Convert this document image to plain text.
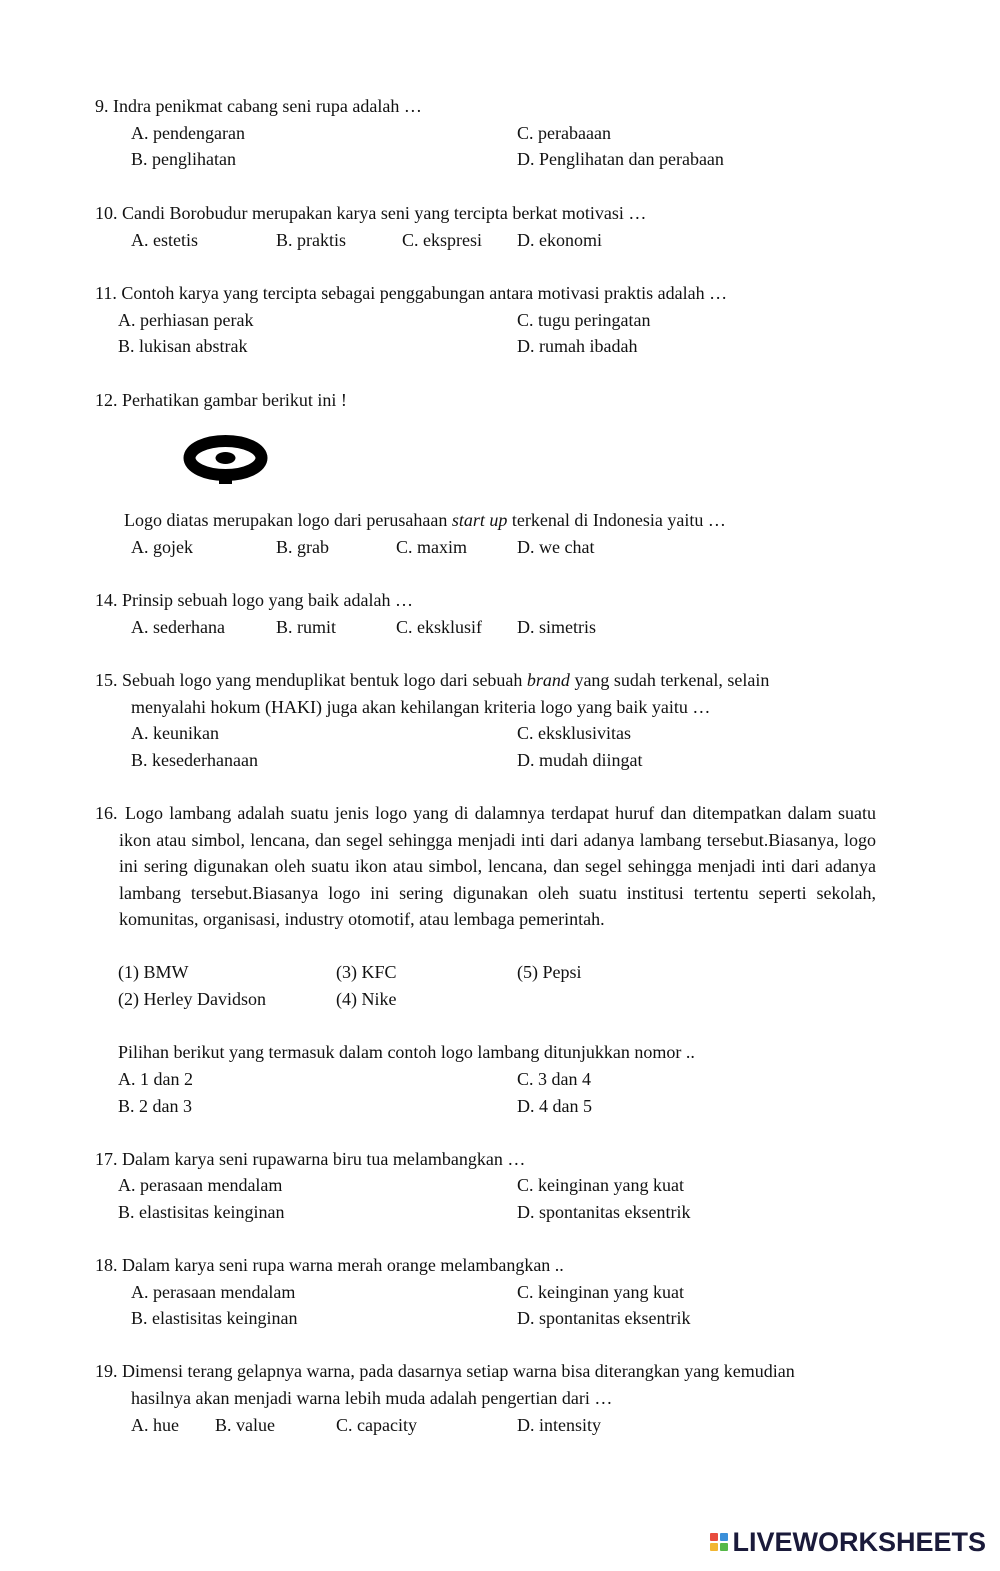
9. Indra penikmat cabang seni rupa adalah …
A. pendengaran	C. perabaaan
B. penglihatan	D. Penglihatan dan perabaan
10. Candi Borobudur merupakan karya seni yang tercipta berkat motivasi …
A. estetis	B. praktis	C. ekspresi D. ekonomi
11. Contoh karya yang tercipta sebagai penggabungan antara motivasi praktis adalah …
A. perhiasan perak	C. tugu peringatan
B. lukisan abstrak	D. rumah ibadah
12. Perhatikan gambar berikut ini !
Logo diatas merupakan logo dari perusahaan start up terkenal di Indonesia yaitu …
A. gojek	B. grab	C. maxim	D. we chat
14. Prinsip sebuah logo yang baik adalah …
A. sederhana	B. rumit	C. eksklusif D. simetris
15. Sebuah logo yang menduplikat bentuk logo dari sebuah brand yang sudah terkenal, selain
menyalahi hokum (HAKI) juga akan kehilangan kriteria logo yang baik yaitu …
A. keunikan	C. eksklusivitas
B. kesederhanaan	D. mudah diingat
16. Logo lambang adalah suatu jenis logo yang di dalamnya terdapat huruf dan ditempatkan dalam suatu ikon atau simbol, lencana, dan segel sehingga menjadi inti dari adanya lambang tersebut.Biasanya, logo ini sering digunakan oleh suatu ikon atau simbol, lencana, dan segel sehingga menjadi inti dari adanya lambang tersebut.Biasanya logo ini sering digunakan oleh suatu institusi tertentu seperti sekolah, komunitas, organisasi, industry otomotif, atau lembaga pemerintah.
(1) BMW	(3) KFC	(5) Pepsi
(2) Herley Davidson	(4) Nike
Pilihan berikut yang termasuk dalam contoh logo lambang ditunjukkan nomor ..
A. 1 dan 2	C. 3 dan 4
B. 2 dan 3	D. 4 dan 5
17. Dalam karya seni rupawarna biru tua melambangkan …
A. perasaan mendalam	C. keinginan yang kuat
B. elastisitas keinginan	D. spontanitas eksentrik
18. Dalam karya seni rupa warna merah orange melambangkan ..
A. perasaan mendalam	C. keinginan yang kuat
B. elastisitas keinginan	D. spontanitas eksentrik
19. Dimensi terang gelapnya warna, pada dasarnya setiap warna bisa diterangkan yang kemudian
hasilnya akan menjadi warna lebih muda adalah pengertian dari …
A. hue B. value	C. capacity	D. intensity
LIVEWORKSHEETS
